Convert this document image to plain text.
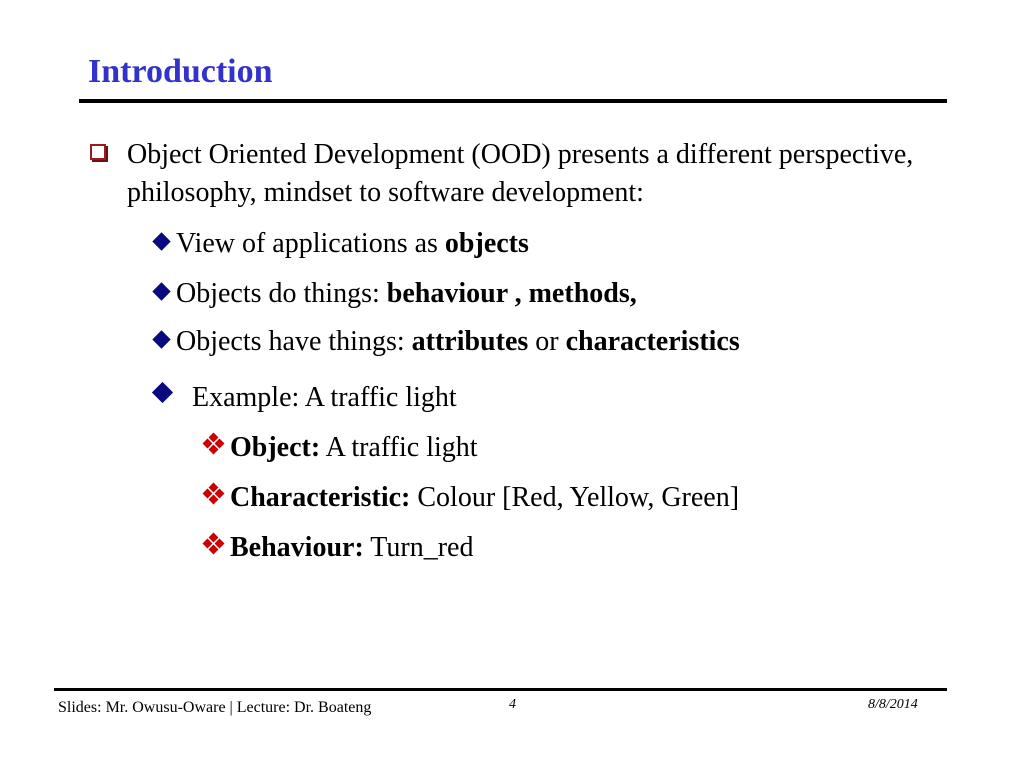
Introduction
Object Oriented Development (OOD) presents a different perspective, philosophy, mindset to software development:
View of applications as objects
Objects do things: behaviour , methods,
Objects have things: attributes or characteristics
Example: A traffic light
Object: A traffic light
Characteristic: Colour [Red, Yellow, Green]
Behaviour: Turn_red
Slides: Mr. Owusu-Oware | Lecture: Dr. Boateng	4	8/8/2014
